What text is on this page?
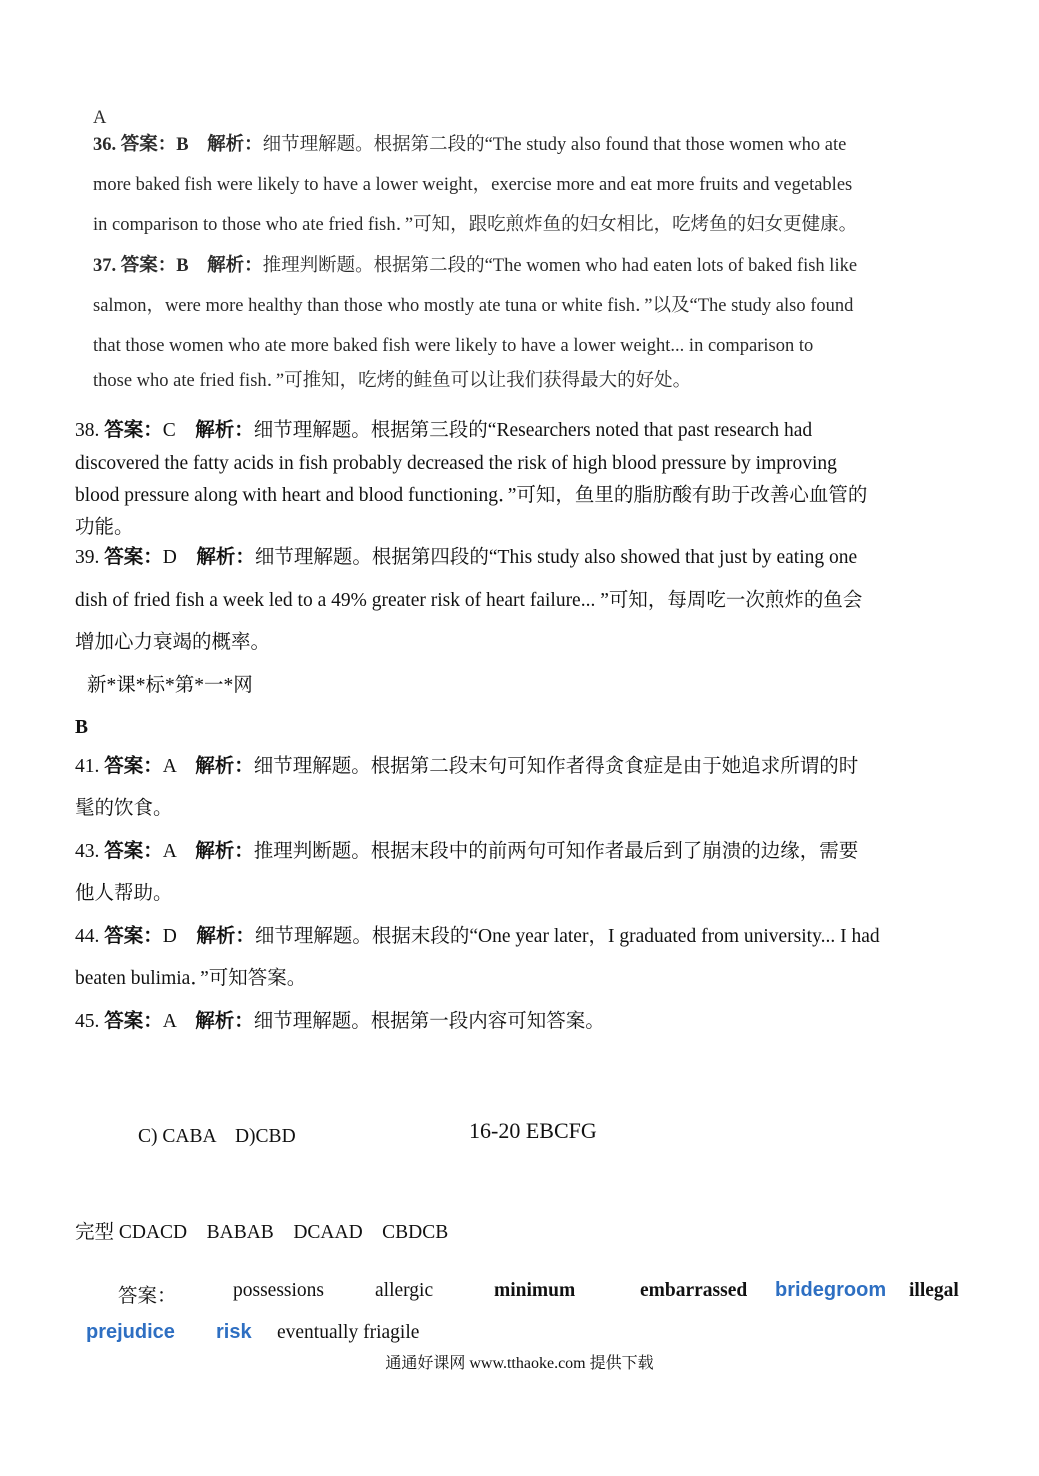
A
36. 答案：B　解析：细节理解题。根据第二段的“The study also found that those women who ate
more baked fish were likely to have a lower weight，exercise more and eat more fruits and vegetables
in comparison to those who ate fried fish．”可知，跟吃煎炸鱼的妇女相比，吃烤鱼的妇女更健康。
37. 答案：B　解析：推理判断题。根据第二段的“The women who had eaten lots of baked fish like
salmon，were more healthy than those who mostly ate tuna or white fish．”以及“The study also found
that those women who ate more baked fish were likely to have a lower weight... in comparison to
those who ate fried fish．”可推知，吃烤的鲑鱼可以让我们获得最大的好处。
38. 答案：C　解析：细节理解题。根据第三段的“Researchers noted that past research had
discovered the fatty acids in fish probably decreased the risk of high blood pressure by improving
blood pressure along with heart and blood functioning．”可知，鱼里的脂肪酸有助于改善心血管的
功能。
39. 答案：D　解析：细节理解题。根据第四段的“This study also showed that just by eating one
dish of fried fish a week led to a 49% greater risk of heart failure... ”可知，每周吃一次煎炸的鱼会
增加心力衰竭的概率。
新*课*标*第*一*网
B
41. 答案：A　解析：细节理解题。根据第二段末句可知作者得贪食症是由于她追求所谓的时
髦的饮食。
43. 答案：A　解析：推理判断题。根据末段中的前两句可知作者最后到了崩溃的边缘，需要
他人帮助。
44. 答案：D　解析：细节理解题。根据末段的“One year later，I graduated from university... I had
beaten bulimia．”可知答案。
45. 答案：A　解析：细节理解题。根据第一段内容可知答案。
C) CABA　D)CBD	16-20 EBCFG
完型 CDACD　BABAB　DCAAD　CBDCB
答案：	possessions	allergic	minimum	embarrassed bridegroom illegal
prejudice risk eventually friagile
通通好课网 www.tthaoke.com 提供下载
